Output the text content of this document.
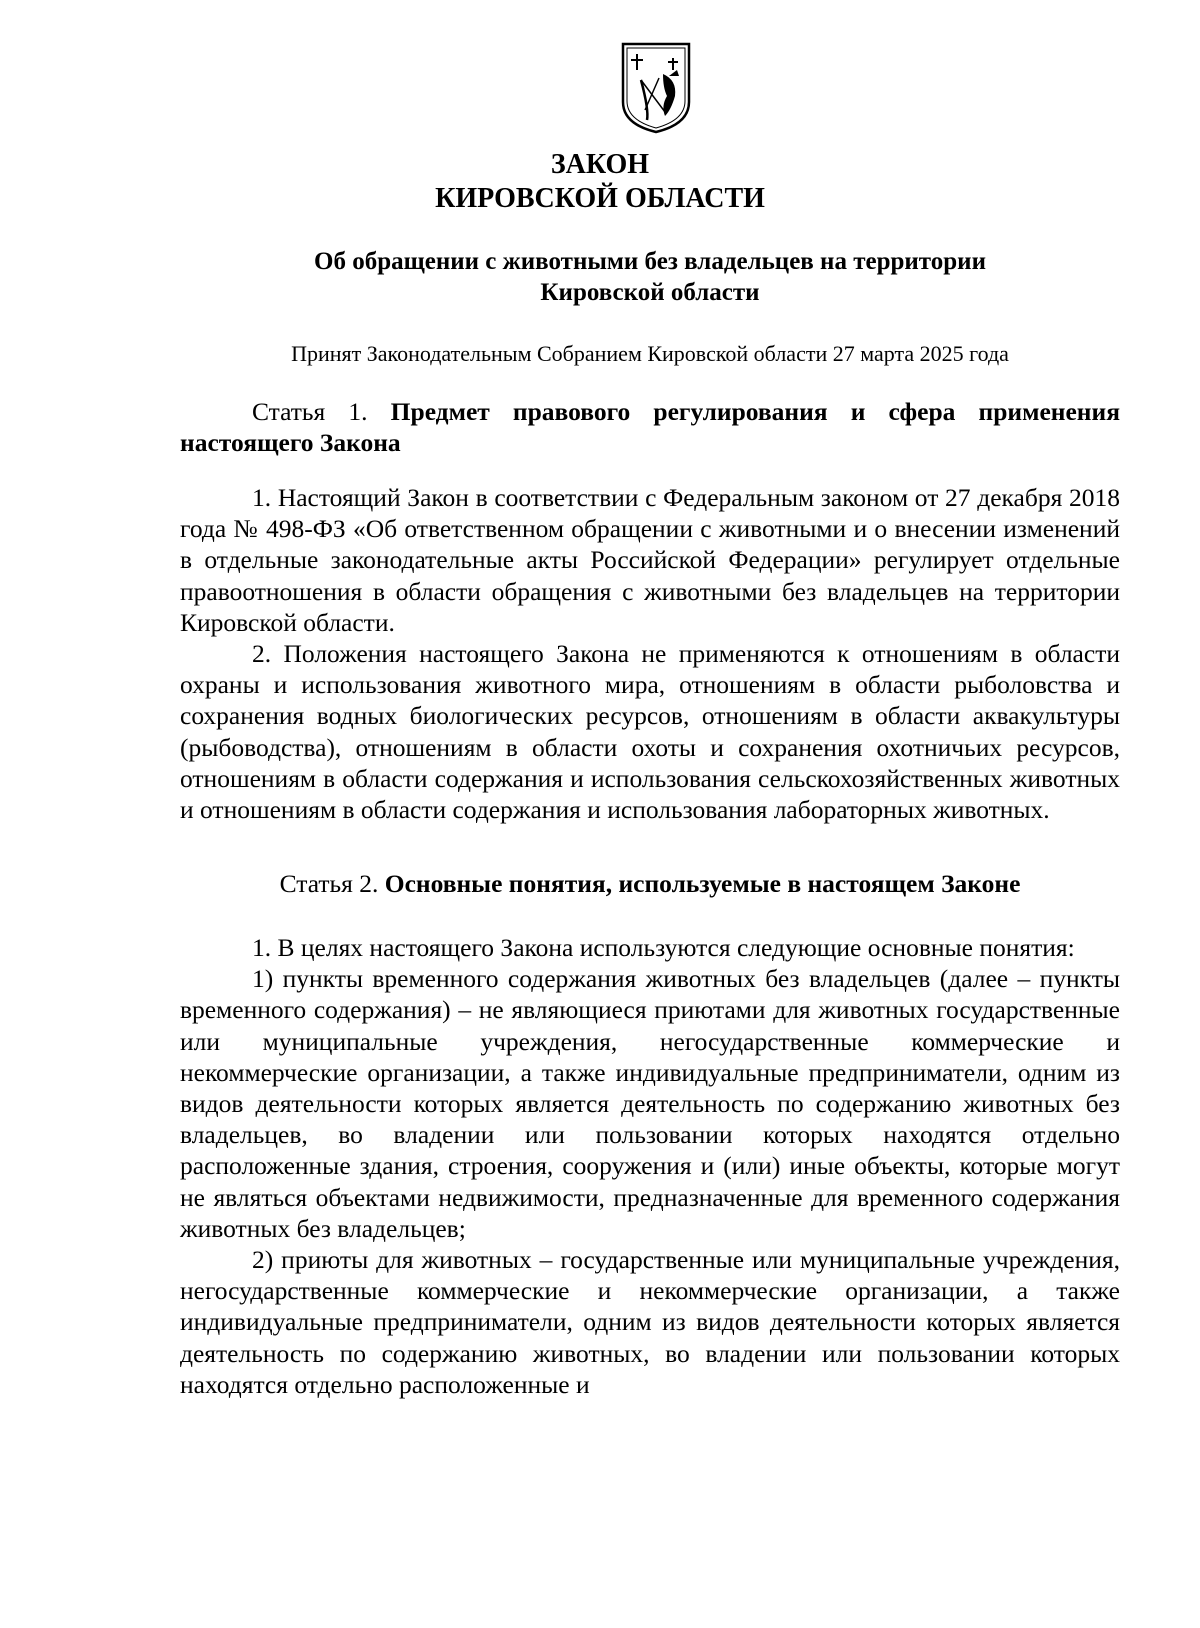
ЗАКОН
КИРОВСКОЙ ОБЛАСТИ
Об обращении с животными без владельцев на территории
Кировской области
Принят Законодательным Собранием Кировской области 27 марта 2025 года

Статья 1. Предмет правового регулирования и сфера применения настоящего Закона

1. Настоящий Закон в соответствии с Федеральным законом от 27 декабря 2018 года № 498-ФЗ «Об ответственном обращении с животными и о внесении изменений в отдельные законодательные акты Российской Федерации» регулирует отдельные правоотношения в области обращения с животными без владельцев на территории Кировской области.

2. Положения настоящего Закона не применяются к отношениям в области охраны и использования животного мира, отношениям в области рыболовства и сохранения водных биологических ресурсов, отношениям в области аквакультуры (рыбоводства), отношениям в области охоты и сохранения охотничьих ресурсов, отношениям в области содержания и использования сельскохозяйственных животных и отношениям в области содержания и использования лабораторных животных.

Статья 2. Основные понятия, используемые в настоящем Законе

1. В целях настоящего Закона используются следующие основные понятия:

1) пункты временного содержания животных без владельцев (далее – пункты временного содержания) – не являющиеся приютами для животных государственные или муниципальные учреждения, негосударственные коммерческие и некоммерческие организации, а также индивидуальные предприниматели, одним из видов деятельности которых является деятельность по содержанию животных без владельцев, во владении или пользовании которых находятся отдельно расположенные здания, строения, сооружения и (или) иные объекты, которые могут не являться объектами недвижимости, предназначенные для временного содержания животных без владельцев;

2) приюты для животных – государственные или муниципальные учреждения, негосударственные коммерческие и некоммерческие организации, а также индивидуальные предприниматели, одним из видов деятельности которых является деятельность по содержанию животных, во владении или пользовании которых находятся отдельно расположенные и
